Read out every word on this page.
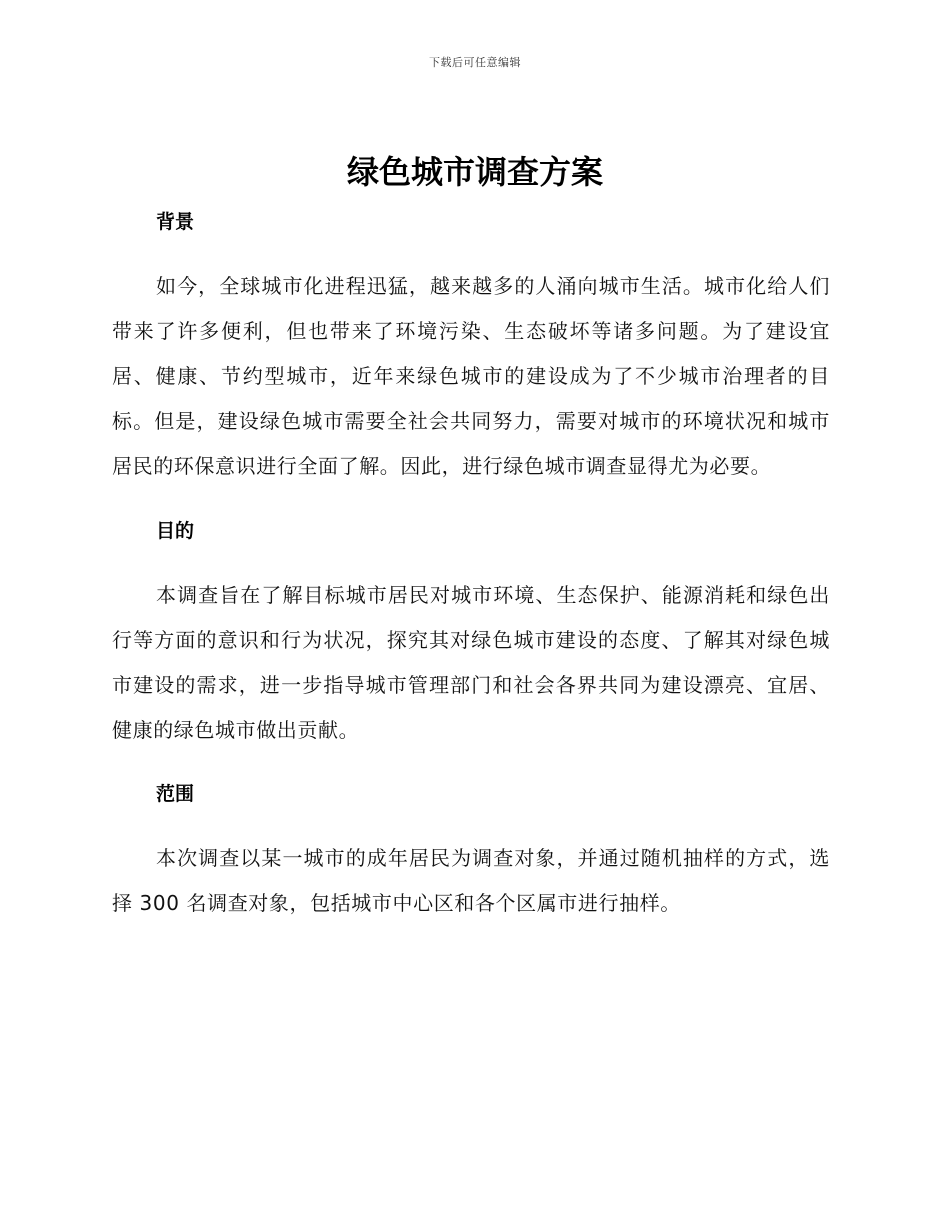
下载后可任意编辑
绿色城市调查方案
背景

如今，全球城市化进程迅猛，越来越多的人涌向城市生活。城市化给人们带来了许多便利，但也带来了环境污染、生态破坏等诸多问题。为了建设宜居、健康、节约型城市，近年来绿色城市的建设成为了不少城市治理者的目标。但是，建设绿色城市需要全社会共同努力，需要对城市的环境状况和城市居民的环保意识进行全面了解。因此，进行绿色城市调查显得尤为必要。

目的

本调查旨在了解目标城市居民对城市环境、生态保护、能源消耗和绿色出行等方面的意识和行为状况，探究其对绿色城市建设的态度、了解其对绿色城市建设的需求，进一步指导城市管理部门和社会各界共同为建设漂亮、宜居、健康的绿色城市做出贡献。

范围

本次调查以某一城市的成年居民为调查对象，并通过随机抽样的方式，选择 300 名调查对象，包括城市中心区和各个区属市进行抽样。
